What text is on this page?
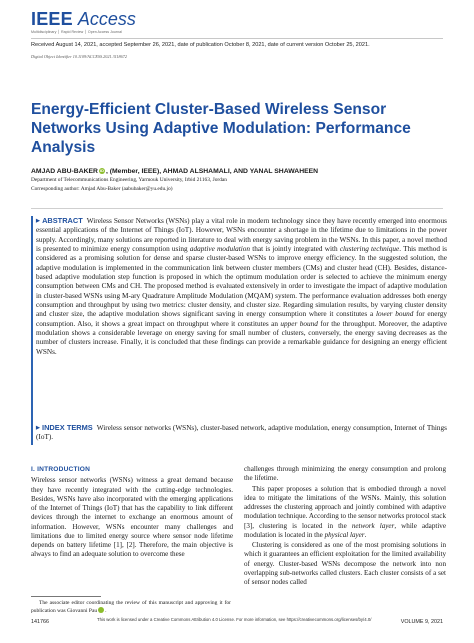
IEEE Access
Multidisciplinary ⎪ Rapid Review ⎪ Open Access Journal
Received August 14, 2021, accepted September 26, 2021, date of publication October 8, 2021, date of current version October 25, 2021.
Digital Object Identifier 10.1109/ACCESS.2021.3118672
Energy-Efficient Cluster-Based Wireless Sensor Networks Using Adaptive Modulation: Performance Analysis
AMJAD ABU-BAKER iD , (Member, IEEE), AHMAD ALSHAMALI, AND YANAL SHAWAHEEN
Department of Telecommunications Engineering, Yarmouk University, Irbid 21163, Jordan
Corresponding author: Amjad Abu-Baker (aabubaker@yu.edu.jo)
▶ ABSTRACT Wireless Sensor Networks (WSNs) play a vital role in modern technology since they have recently emerged into enormous essential applications of the Internet of Things (IoT). However, WSNs encounter a shortage in the lifetime due to limitations in the power supply. Accordingly, many solutions are reported in literature to deal with energy saving problem in the WSNs. In this paper, a novel method is presented to minimize energy consumption using adaptive modulation that is jointly integrated with clustering technique. This method is considered as a promising solution for dense and sparse cluster-based WSNs to improve energy efficiency. In the suggested solution, the adaptive modulation is implemented in the communication link between cluster members (CMs) and cluster head (CH). Besides, distance-based adaptive modulation step function is proposed in which the optimum modulation order is selected to achieve the minimum energy consumption between CMs and CH. The proposed method is evaluated extensively in order to investigate the impact of adaptive modulation in cluster-based WSNs using M-ary Quadrature Amplitude Modulation (MQAM) system. The performance evaluation addresses both energy consumption and throughput by using two metrics: cluster density, and cluster size. Regarding simulation results, by varying cluster density and cluster size, the adaptive modulation shows significant saving in energy consumption where it constitutes a lower bound for energy consumption. Also, it shows a great impact on throughput where it constitutes an upper bound for the throughput. Moreover, the adaptive modulation shows a considerable leverage on energy saving for small number of clusters, conversely, the energy saving decreases as the number of clusters increase. Finally, it is concluded that these findings can provide a remarkable guidance for designing an energy efficient WSNs.
▶ INDEX TERMS Wireless sensor networks (WSNs), cluster-based network, adaptive modulation, energy consumption, Internet of Things (IoT).
I. INTRODUCTION

Wireless sensor networks (WSNs) witness a great demand because they have recently integrated with the cutting-edge technologies. Besides, WSNs have also incorporated with the emerging applications of the Internet of Things (IoT) that has the capability to link different devices through the internet to exchange an enormous amount of information. However, WSNs encounter many challenges and limitations due to limited energy source where sensor node lifetime depends on battery lifetime [1], [2]. Therefore, the main objective is always to find an adequate solution to overcome these

challenges through minimizing the energy consumption and prolong the lifetime.

This paper proposes a solution that is embodied through a novel idea to mitigate the limitations of the WSNs. Mainly, this solution addresses the clustering approach and jointly combined with adaptive modulation technique. According to the sensor networks protocol stack [3], clustering is located in the network layer, while adaptive modulation is located in the physical layer.

Clustering is considered as one of the most promising solutions in which it guarantees an efficient exploitation for the limited availability of energy. Cluster-based WSNs decompose the network into non overlapping sub-networks called clusters. Each cluster consists of a set of sensor nodes called

The associate editor coordinating the review of this manuscript and approving it for publication was Giovanni Pau iD.
141766	This work is licensed under a Creative Commons Attribution 4.0 License. For more information, see https://creativecommons.org/licenses/by/4.0/	VOLUME 9, 2021
